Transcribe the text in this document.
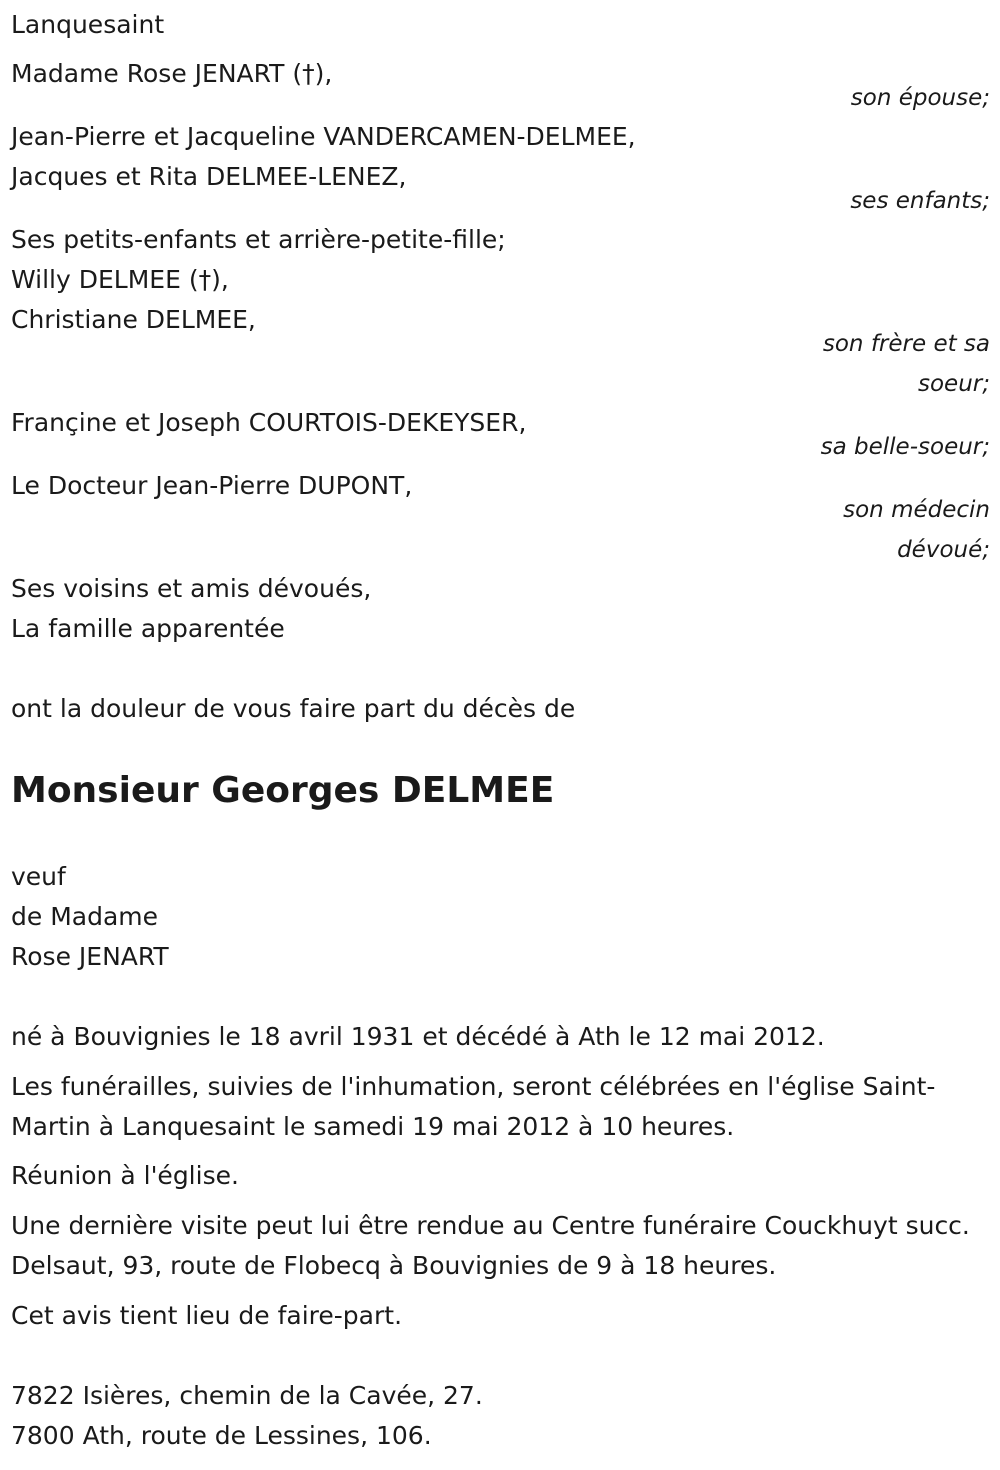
Lanquesaint
Madame Rose JENART (†),
son épouse;
Jean-Pierre et Jacqueline VANDERCAMEN-DELMEE,
Jacques et Rita DELMEE-LENEZ,
ses enfants;
Ses petits-enfants et arrière-petite-fille;
Willy DELMEE (†),
Christiane DELMEE,
son frère et sa
soeur;
Françine et Joseph COURTOIS-DEKEYSER,
sa belle-soeur;
Le Docteur Jean-Pierre DUPONT,
son médecin
dévoué;
Ses voisins et amis dévoués,
La famille apparentée
ont la douleur de vous faire part du décès de
Monsieur Georges DELMEE
veuf
de Madame
Rose JENART
né à Bouvignies le 18 avril 1931 et décédé à Ath le 12 mai 2012.
Les funérailles, suivies de l'inhumation, seront célébrées en l'église Saint-Martin à Lanquesaint le samedi 19 mai 2012 à 10 heures.
Réunion à l'église.
Une dernière visite peut lui être rendue au Centre funéraire Couckhuyt succ. Delsaut, 93, route de Flobecq à Bouvignies de 9 à 18 heures.
Cet avis tient lieu de faire-part.
7822 Isières, chemin de la Cavée, 27.
7800 Ath, route de Lessines, 106.
